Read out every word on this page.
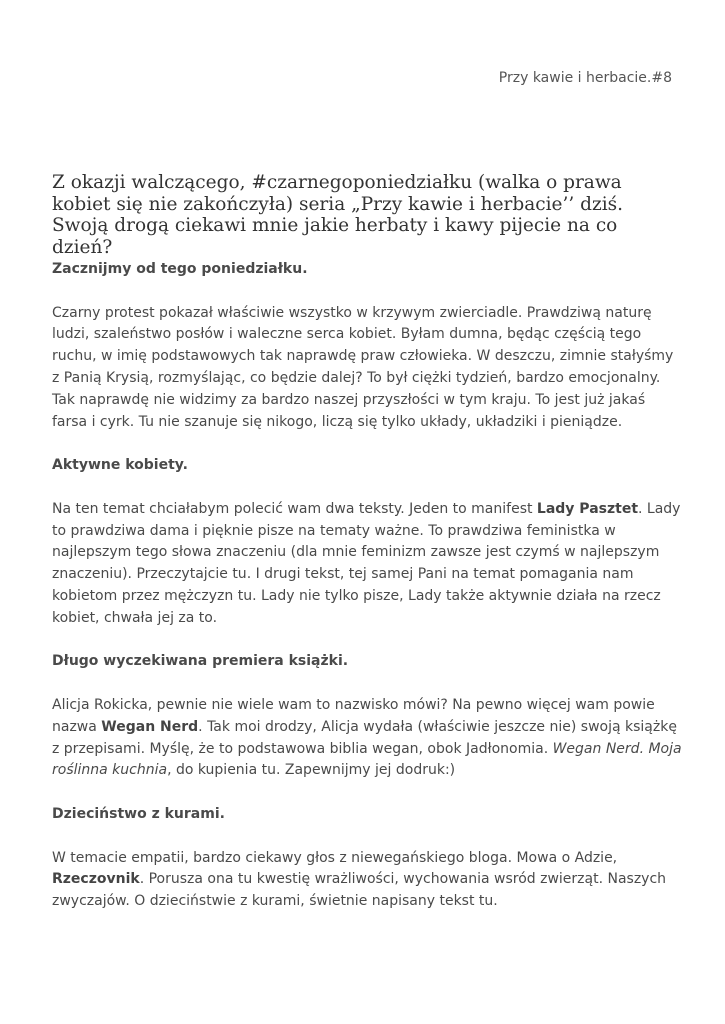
Przy kawie i herbacie.#8
Z okazji walczącego, #czarnegoponiedziałku (walka o prawa kobiet się nie zakończyła) seria „Przy kawie i herbacie’’ dziś. Swoją drogą ciekawi mnie jakie herbaty i kawy pijecie na co dzień?
Zacznijmy od tego poniedziałku.

Czarny protest pokazał właściwie wszystko w krzywym zwierciadle. Prawdziwą naturę ludzi, szaleństwo posłów i waleczne serca kobiet. Byłam dumna, będąc częścią tego ruchu, w imię podstawowych tak naprawdę praw człowieka. W deszczu, zimnie stałyśmy z Panią Krysią, rozmyślając, co będzie dalej? To był ciężki tydzień, bardzo emocjonalny. Tak naprawdę nie widzimy za bardzo naszej przyszłości w tym kraju. To jest już jakaś farsa i cyrk. Tu nie szanuje się nikogo, liczą się tylko układy, układziki i pieniądze.

Aktywne kobiety.

Na ten temat chciałabym polecić wam dwa teksty. Jeden to manifest Lady Pasztet. Lady to prawdziwa dama i pięknie pisze na tematy ważne. To prawdziwa feministka w najlepszym tego słowa znaczeniu (dla mnie feminizm zawsze jest czymś w najlepszym znaczeniu). Przeczytajcie tu. I drugi tekst, tej samej Pani na temat pomagania nam kobietom przez mężczyzn tu. Lady nie tylko pisze, Lady także aktywnie działa na rzecz kobiet, chwała jej za to.

Długo wyczekiwana premiera książki.

Alicja Rokicka, pewnie nie wiele wam to nazwisko mówi? Na pewno więcej wam powie nazwa Wegan Nerd. Tak moi drodzy, Alicja wydała (właściwie jeszcze nie) swoją książkę z przepisami. Myślę, że to podstawowa biblia wegan, obok Jadłonomia. Wegan Nerd. Moja roślinna kuchnia, do kupienia tu. Zapewnijmy jej dodruk:)

Dzieciństwo z kurami.

W temacie empatii, bardzo ciekawy głos z niewegańskiego bloga. Mowa o Adzie, Rzeczovnik. Porusza ona tu kwestię wrażliwości, wychowania wsród zwierząt. Naszych zwyczajów. O dzieciństwie z kurami, świetnie napisany tekst tu.
